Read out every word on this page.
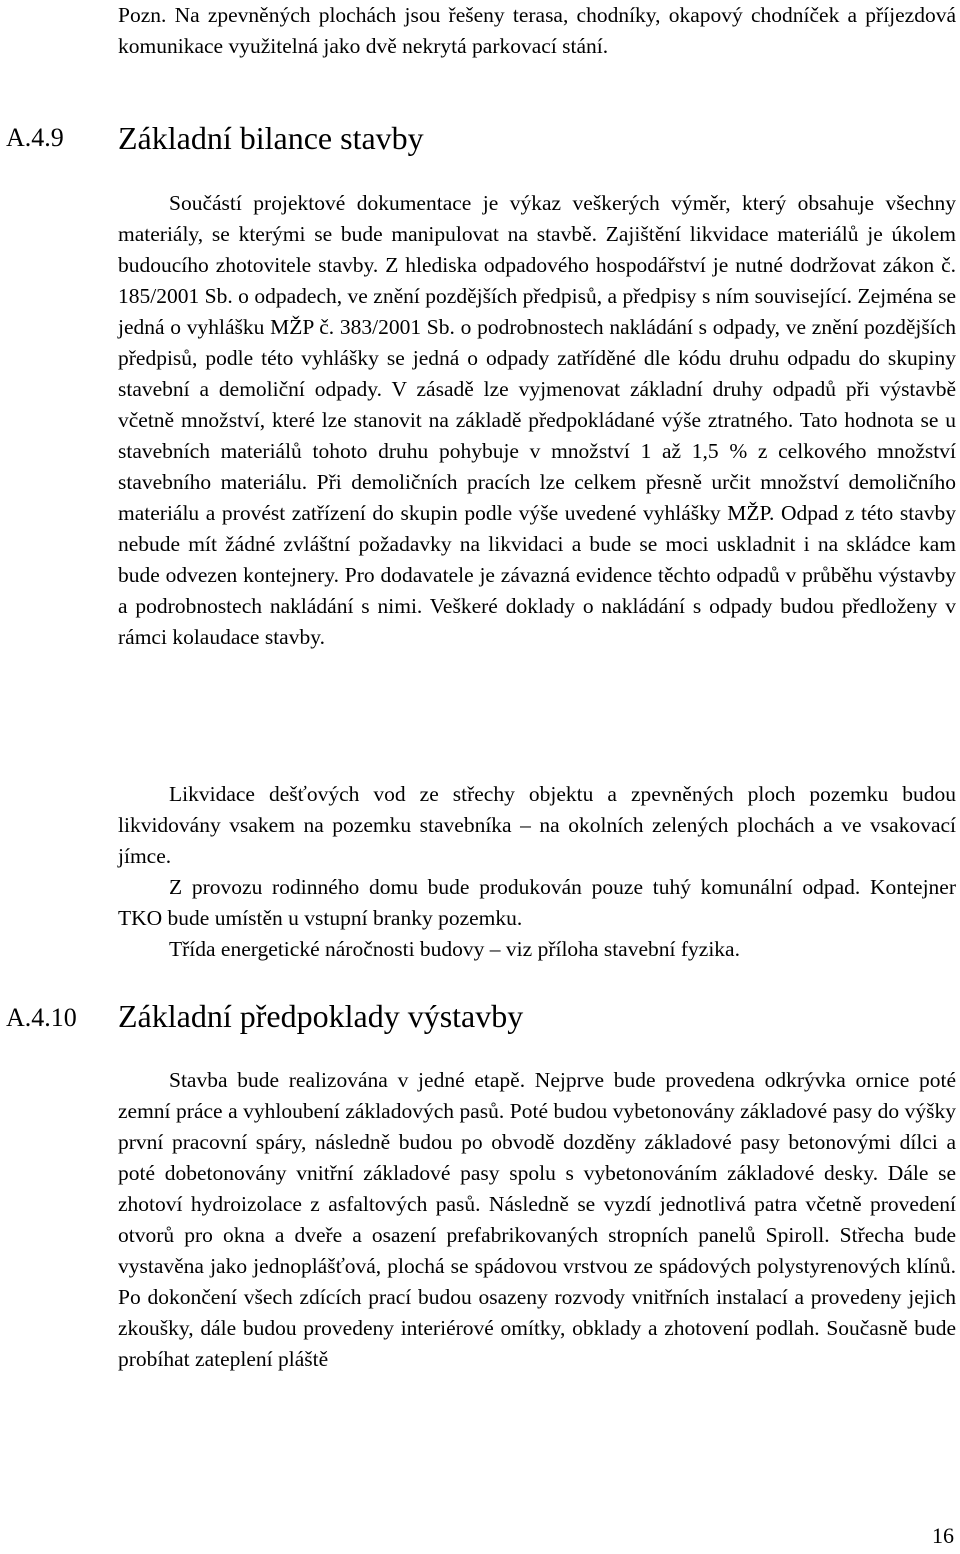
Pozn. Na zpevněných plochách jsou řešeny terasa, chodníky, okapový chodníček a příjezdová komunikace využitelná jako dvě nekrytá parkovací stání.

A.4.9 Základní bilance stavby

Součástí projektové dokumentace je výkaz veškerých výměr, který obsahuje všechny materiály, se kterými se bude manipulovat na stavbě. Zajištění likvidace materiálů je úkolem budoucího zhotovitele stavby. Z hlediska odpadového hospodářství je nutné dodržovat zákon č. 185/2001 Sb. o odpadech, ve znění pozdějších předpisů, a předpisy s ním související. Zejména se jedná o vyhlášku MŽP č. 383/2001 Sb. o podrobnostech nakládání s odpady, ve znění pozdějších předpisů, podle této vyhlášky se jedná o odpady zatříděné dle kódu druhu odpadu do skupiny stavební a demoliční odpady. V zásadě lze vyjmenovat základní druhy odpadů při výstavbě včetně množství, které lze stanovit na základě předpokládané výše ztratného. Tato hodnota se u stavebních materiálů tohoto druhu pohybuje v množství 1 až 1,5 % z celkového množství stavebního materiálu. Při demoličních pracích lze celkem přesně určit množství demoličního materiálu a provést zatřízení do skupin podle výše uvedené vyhlášky MŽP. Odpad z této stavby nebude mít žádné zvláštní požadavky na likvidaci a bude se moci uskladnit i na skládce kam bude odvezen kontejnery. Pro dodavatele je závazná evidence těchto odpadů v průběhu výstavby a podrobnostech nakládání s nimi. Veškeré doklady o nakládání s odpady budou předloženy v rámci kolaudace stavby.

Likvidace dešťových vod ze střechy objektu a zpevněných ploch pozemku budou likvidovány vsakem na pozemku stavebníka – na okolních zelených plochách a ve vsakovací jímce.

Z provozu rodinného domu bude produkován pouze tuhý komunální odpad. Kontejner TKO bude umístěn u vstupní branky pozemku.

Třída energetické náročnosti budovy – viz příloha stavební fyzika.

A.4.10 Základní předpoklady výstavby

Stavba bude realizována v jedné etapě. Nejprve bude provedena odkrývka ornice poté zemní práce a vyhloubení základových pasů. Poté budou vybetonovány základové pasy do výšky první pracovní spáry, následně budou po obvodě dozděny základové pasy betonovými dílci a poté dobetonovány vnitřní základové pasy spolu s vybetonováním základové desky. Dále se zhotoví hydroizolace z asfaltových pasů. Následně se vyzdí jednotlivá patra včetně provedení otvorů pro okna a dveře a osazení prefabrikovaných stropních panelů Spiroll. Střecha bude vystavěna jako jednoplášťová, plochá se spádovou vrstvou ze spádových polystyrenových klínů. Po dokončení všech zdících prací budou osazeny rozvody vnitřních instalací a provedeny jejich zkoušky, dále budou provedeny interiérové omítky, obklady a zhotovení podlah. Současně bude probíhat zateplení pláště

16
